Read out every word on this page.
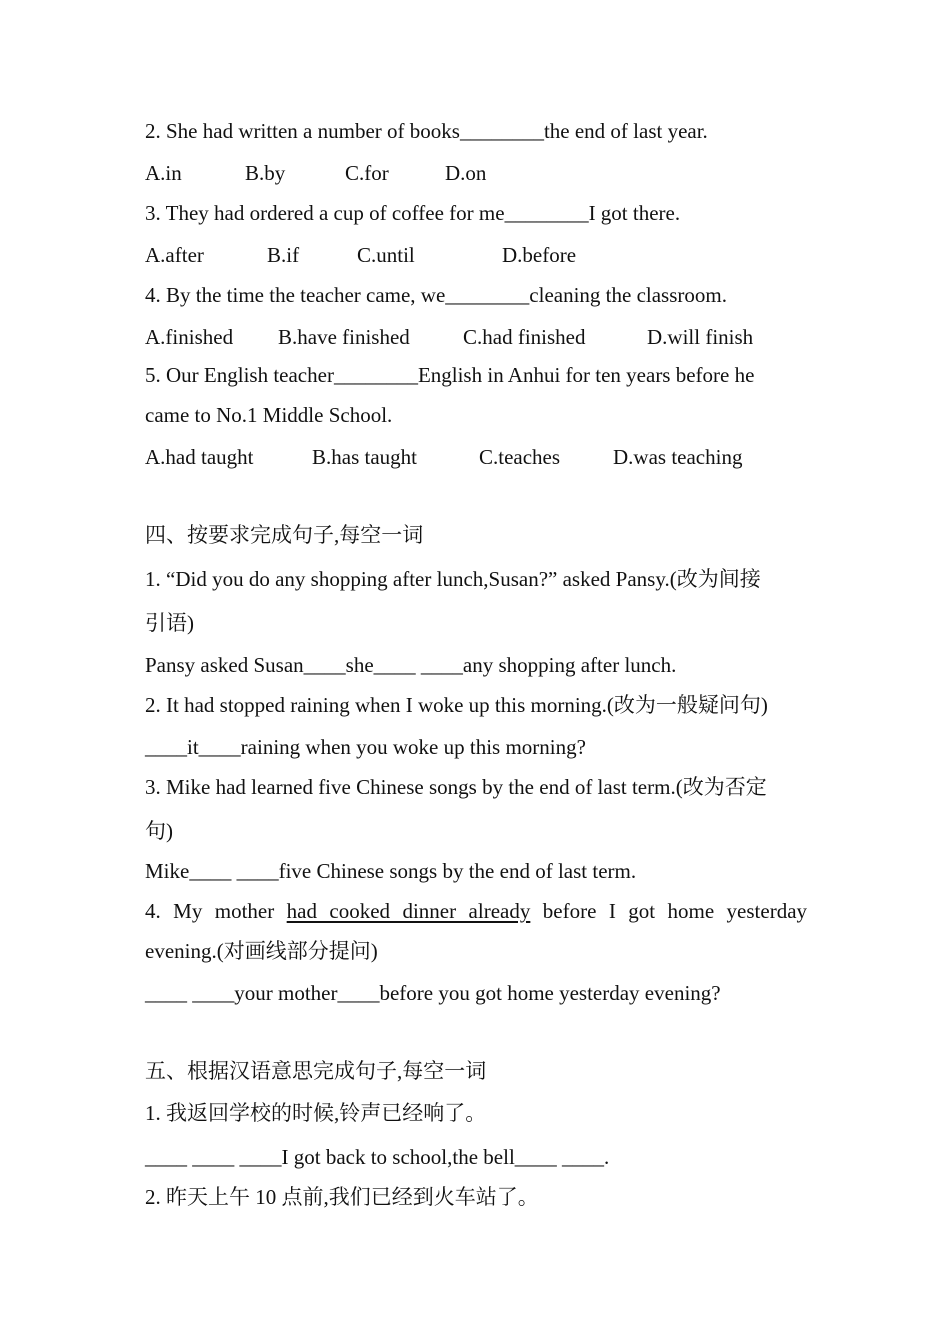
2. She had written a number of books________the end of last year.
A.in	B.by	C.for	D.on
3. They had ordered a cup of coffee for me________I got there.
A.after	B.if	C.until	D.before
4. By the time the teacher came, we________cleaning the classroom.
A.finished B.have finished	C.had finished	D.will finish
5. Our English teacher________English in Anhui for ten years before he
came to No.1 Middle School.
A.had taught	B.has taught	C.teaches	D.was teaching
四、按要求完成句子,每空一词
1. “Did you do any shopping after lunch,Susan?” asked Pansy.(改为间接
引语)
Pansy asked Susan____she____ ____any shopping after lunch.
2. It had stopped raining when I woke up this morning.(改为一般疑问句)
____it____raining when you woke up this morning?
3. Mike had learned five Chinese songs by the end of last term.(改为否定
句)
Mike____ ____five Chinese songs by the end of last term.
4. My mother had cooked dinner already before I got home yesterday
evening.(对画线部分提问)
____ ____your mother____before you got home yesterday evening?
五、根据汉语意思完成句子,每空一词
1. 我返回学校的时候,铃声已经响了。
____ ____ ____I got back to school,the bell____ ____.
2. 昨天上午 10 点前,我们已经到火车站了。
